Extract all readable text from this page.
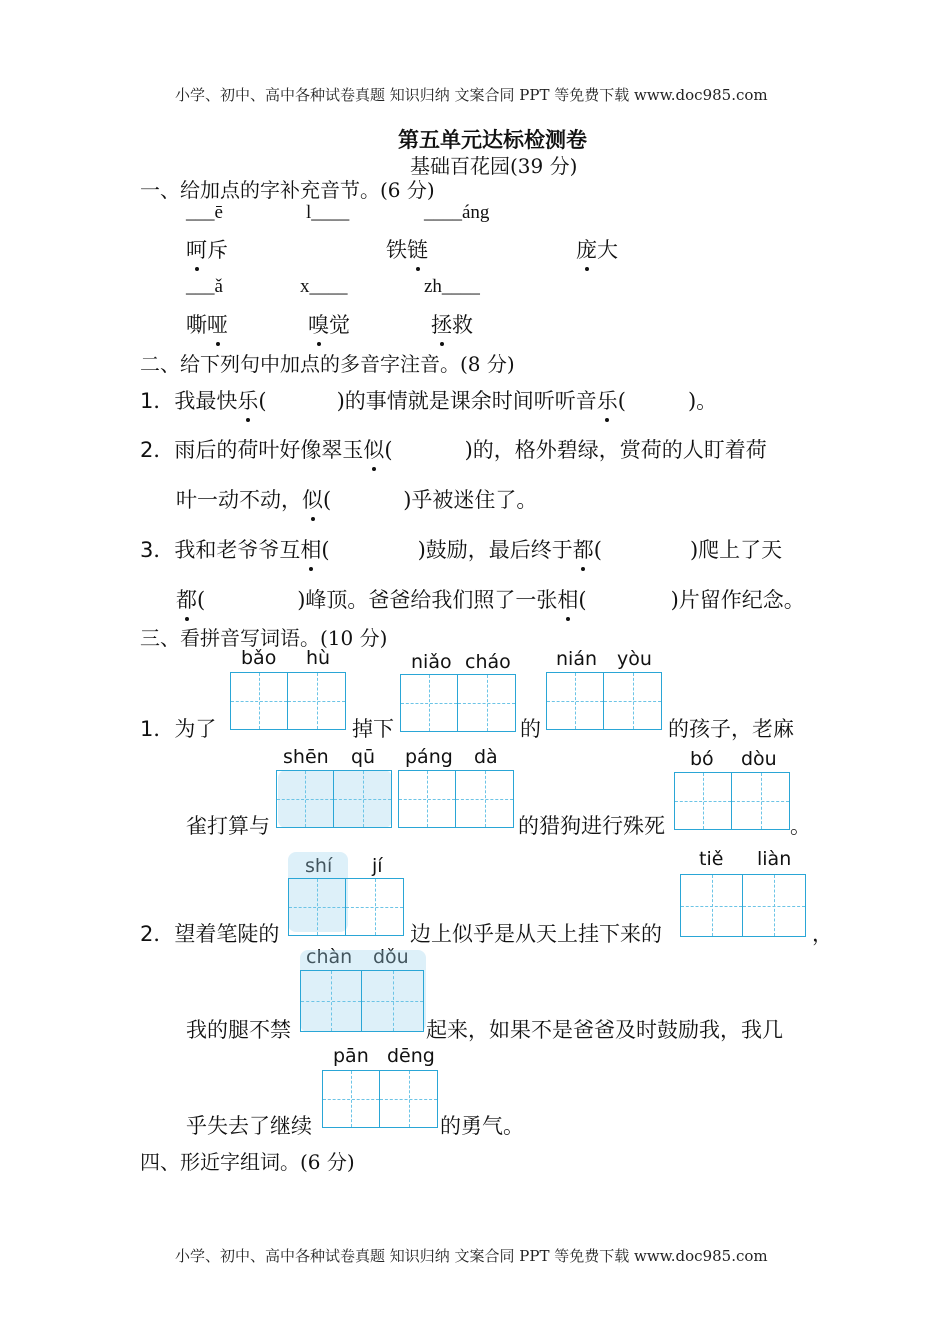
小学、初中、高中各种试卷真题 知识归纳 文案合同 PPT 等免费下载 www.doc985.com
第五单元达标检测卷
基础百花园(39 分)
一、给加点的字补充音节。(6 分)
___ē	l____	____áng
呵斥	铁链	庞大
___ǎ	x____	zh____
嘶哑	嗅觉	拯救
二、给下列句中加点的多音字注音。(8 分)
1．我最快乐(	)的事情就是课余时间听听音乐(	)。
2．雨后的荷叶好像翠玉似(	)的，格外碧绿，赏荷的人盯着荷
叶一动不动，似(	)乎被迷住了。
3．我和老爷爷互相(	)鼓励，最后终于都(	)爬上了天
都(	)峰顶。爸爸给我们照了一张相(	)片留作纪念。
三、看拼音写词语。(10 分)
bǎo hù	niǎo cháo nián yòu
1．为了	掉下	的	的孩子，老麻
shēn qū páng dà	bó dòu
雀打算与	的猎狗进行殊死	。
shí jí	tiě liàn
2．望着笔陡的	边上似乎是从天上挂下来的	，
chàn dǒu
我的腿不禁	起来，如果不是爸爸及时鼓励我，我几
pān dēng
乎失去了继续	的勇气。
四、形近字组词。(6 分)
小学、初中、高中各种试卷真题 知识归纳 文案合同 PPT 等免费下载 www.doc985.com
